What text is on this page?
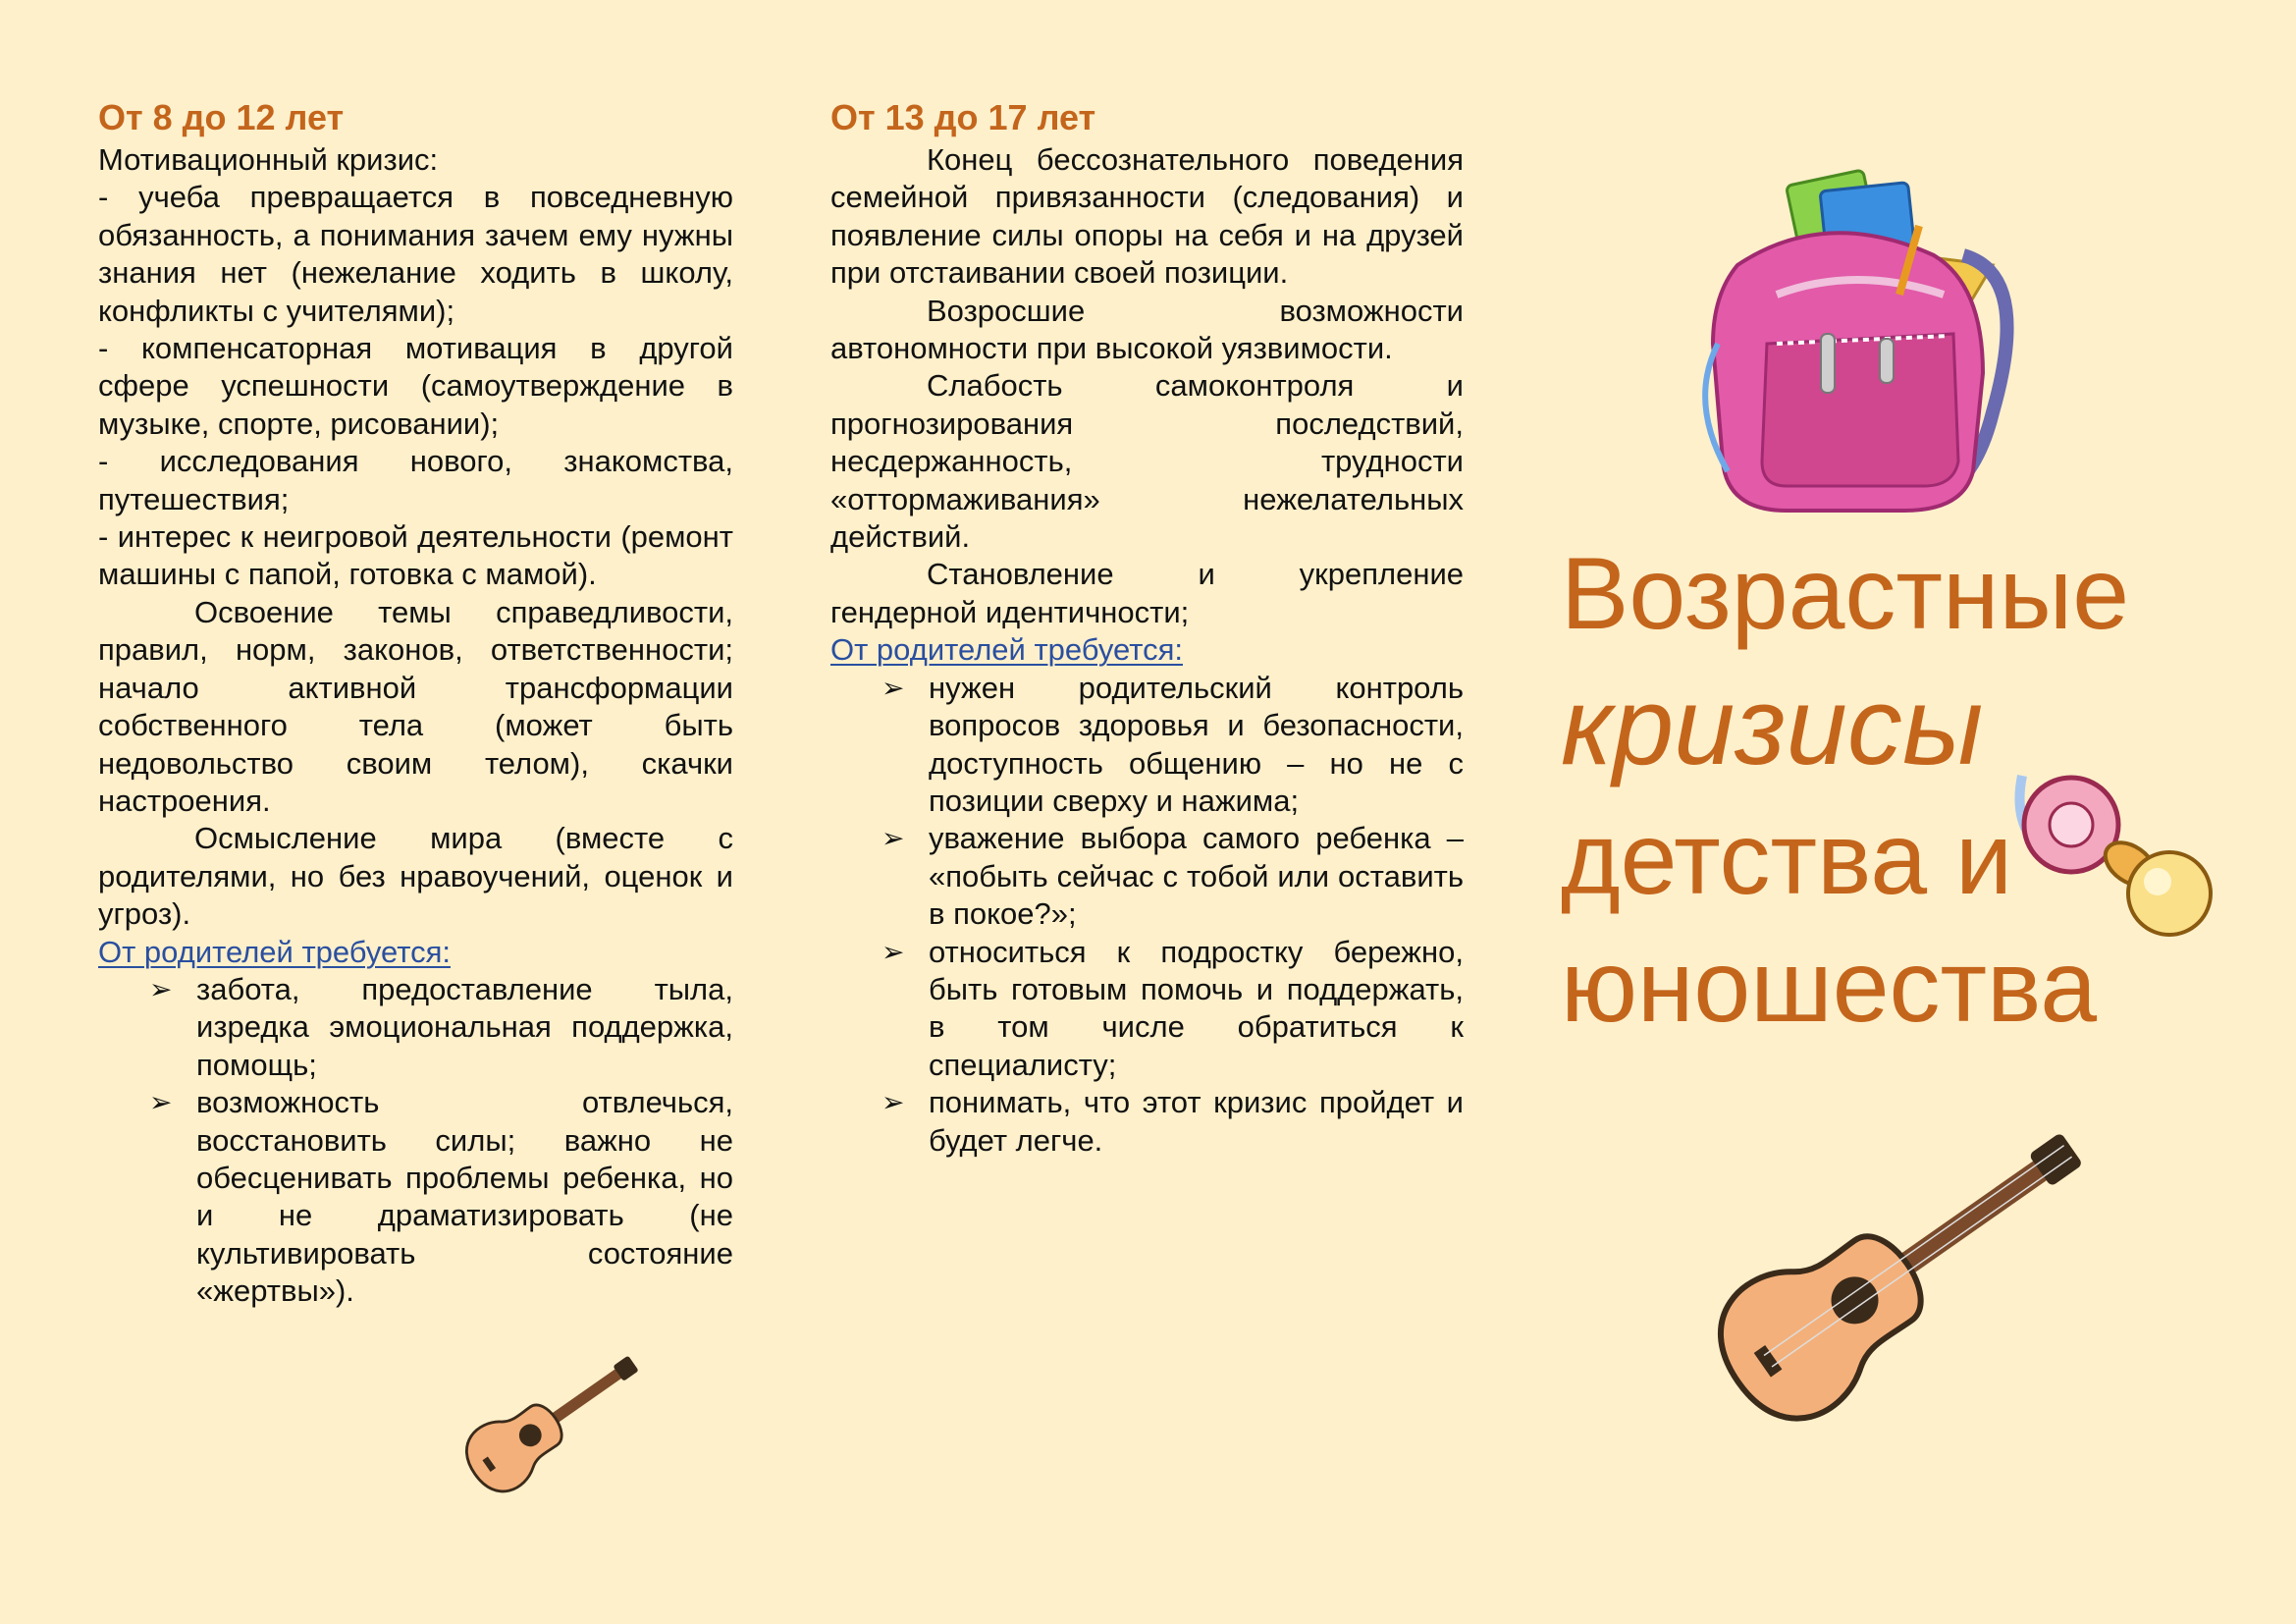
От 8 до 12 лет

Мотивационный кризис:

- учеба превращается в повседневную обязанность, а понимания зачем ему нужны знания нет (нежелание ходить в школу, конфликты с учителями);

- компенсаторная мотивация в другой сфере успешности (самоутверждение в музыке, спорте, рисовании);

- исследования нового, знакомства, путешествия;

- интерес к неигровой деятельности (ремонт машины с папой, готовка с мамой).

Освоение темы справедливости, правил, норм, законов, ответственности; начало активной трансформации собственного тела (может быть недовольство своим телом), скачки настроения.

Осмысление мира (вместе с родителями, но без нравоучений, оценок и угроз).

От родителей требуется:

➢ забота, предоставление тыла, изредка эмоциональная поддержка, помощь;
➢ возможность отвлечься, восстановить силы; важно не обесценивать проблемы ребенка, но и не драматизировать (не культивировать состояние «жертвы»).
От 13 до 17 лет

Конец бессознательного поведения семейной привязанности (следования) и появление силы опоры на себя и на друзей при отстаивании своей позиции.

Возросшие возможности автономности при высокой уязвимости.

Слабость самоконтроля и прогнозирования последствий, несдержанность, трудности «оттормаживания» нежелательных действий.

Становление и укрепление гендерной идентичности;

От родителей требуется:

➢ нужен родительский контроль вопросов здоровья и безопасности, доступность общению – но не с позиции сверху и нажима;
➢ уважение выбора самого ребенка – «побыть сейчас с тобой или оставить в покое?»;
➢ относиться к подростку бережно, быть готовым помочь и поддержать, в том числе обратиться к специалисту;
➢ понимать, что этот кризис пройдет и будет легче.
Возрастные
кризисы
детства и
юношества
